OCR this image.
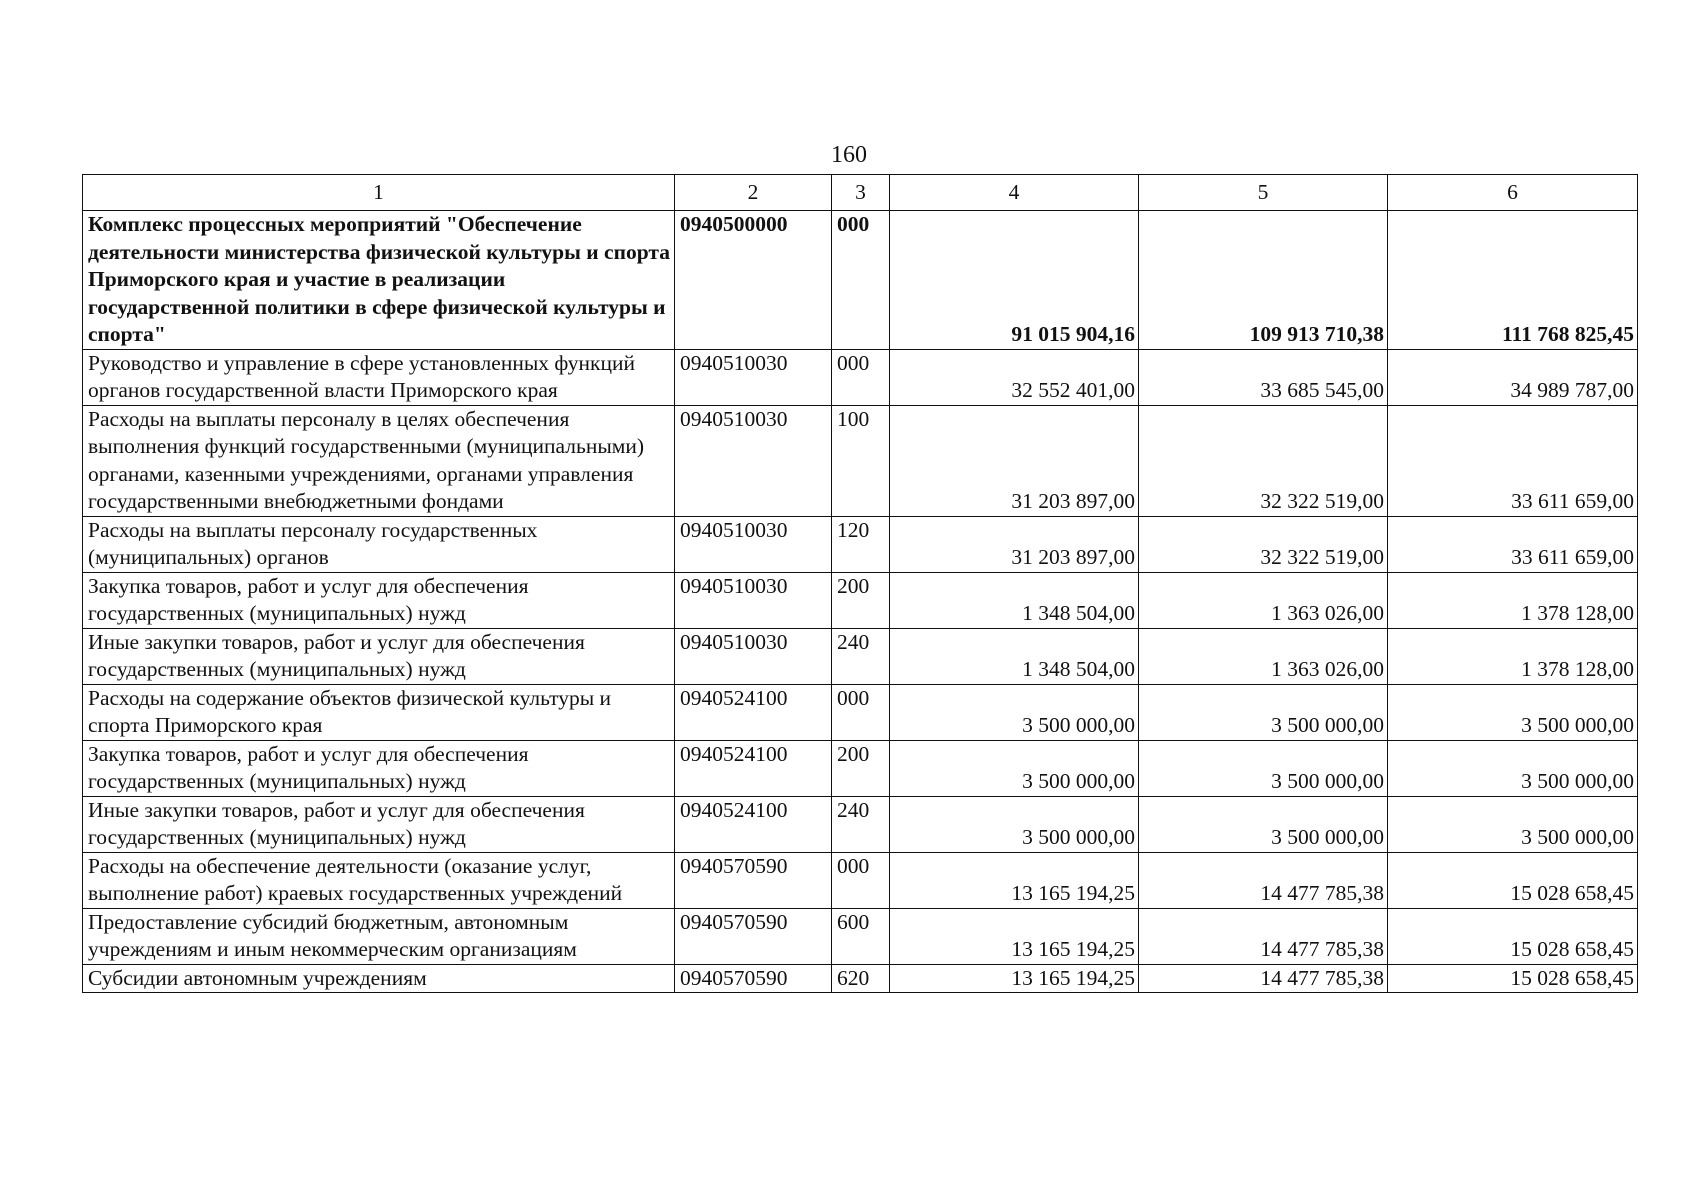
160
1	2	3	4	5	6
Комплекс процессных мероприятий "Обеспечение деятельности министерства физической культуры и спорта Приморского края и участие в реализации государственной политики в сфере физической культуры и спорта"	0940500000	000	91 015 904,16	109 913 710,38	111 768 825,45
Руководство и управление в сфере установленных функций органов государственной власти Приморского края	0940510030	000	32 552 401,00	33 685 545,00	34 989 787,00
Расходы на выплаты персоналу в целях обеспечения выполнения функций государственными (муниципальными) органами, казенными учреждениями, органами управления государственными внебюджетными фондами	0940510030	100	31 203 897,00	32 322 519,00	33 611 659,00
Расходы на выплаты персоналу государственных (муниципальных) органов	0940510030	120	31 203 897,00	32 322 519,00	33 611 659,00
Закупка товаров, работ и услуг для обеспечения государственных (муниципальных) нужд	0940510030	200	1 348 504,00	1 363 026,00	1 378 128,00
Иные закупки товаров, работ и услуг для обеспечения государственных (муниципальных) нужд	0940510030	240	1 348 504,00	1 363 026,00	1 378 128,00
Расходы на содержание объектов физической культуры и спорта Приморского края	0940524100	000	3 500 000,00	3 500 000,00	3 500 000,00
Закупка товаров, работ и услуг для обеспечения государственных (муниципальных) нужд	0940524100	200	3 500 000,00	3 500 000,00	3 500 000,00
Иные закупки товаров, работ и услуг для обеспечения государственных (муниципальных) нужд	0940524100	240	3 500 000,00	3 500 000,00	3 500 000,00
Расходы на обеспечение деятельности (оказание услуг, выполнение работ) краевых государственных учреждений	0940570590	000	13 165 194,25	14 477 785,38	15 028 658,45
Предоставление субсидий бюджетным, автономным учреждениям и иным некоммерческим организациям	0940570590	600	13 165 194,25	14 477 785,38	15 028 658,45
Субсидии автономным учреждениям	0940570590	620	13 165 194,25	14 477 785,38	15 028 658,45
